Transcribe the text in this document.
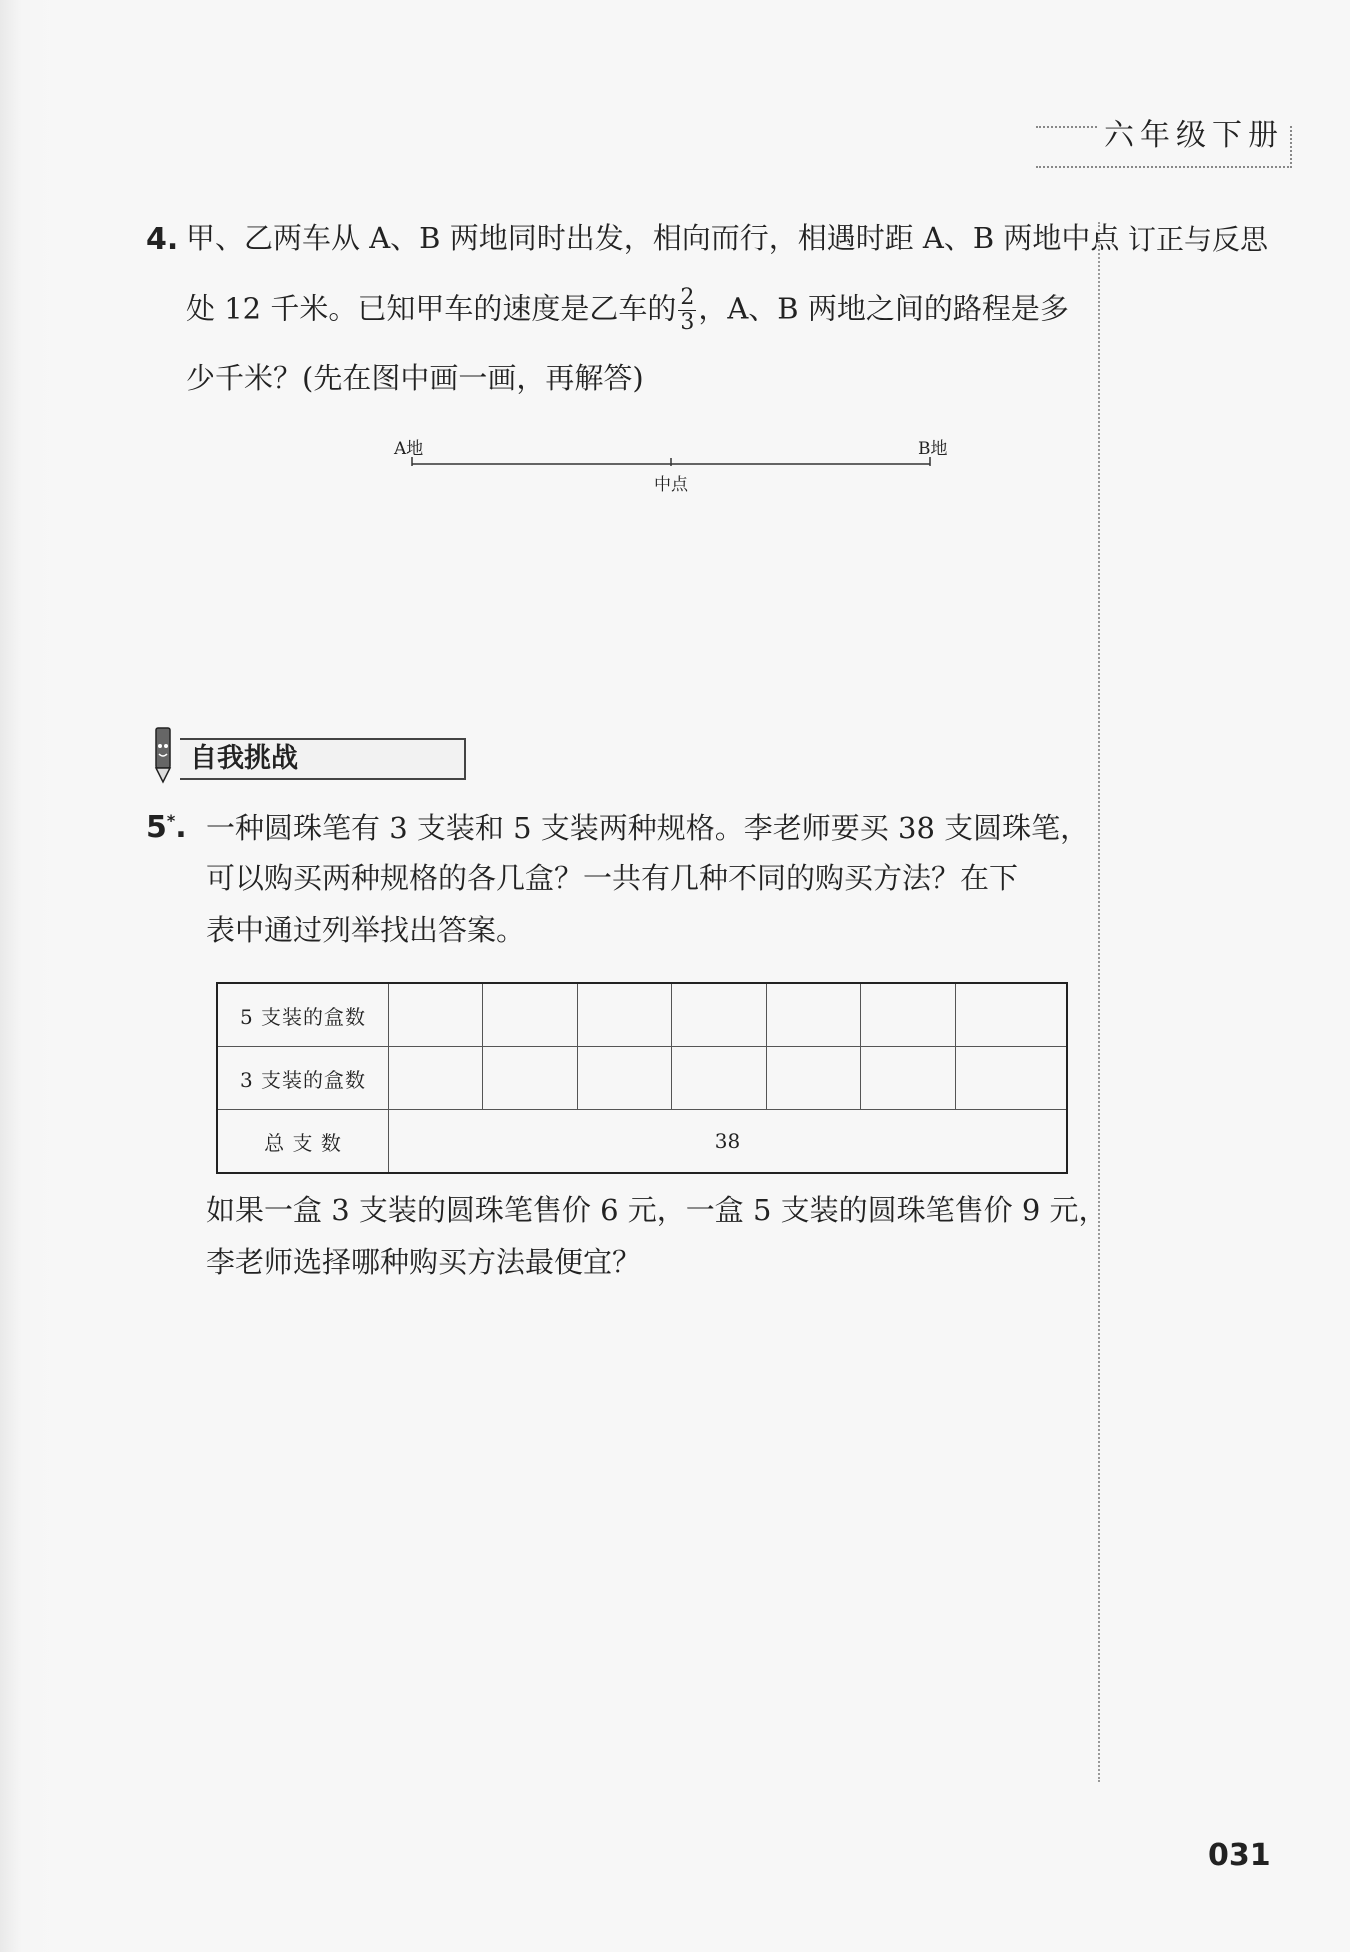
六年级下册
订正与反思
4. 甲、乙两车从 A、B 两地同时出发，相向而行，相遇时距 A、B 两地中点
处 12 千米。已知甲车的速度是乙车的 $\frac{2}{3}$ ，A、B 两地之间的路程是多
少千米？(先在图中画一画，再解答)
A地	B地
中点
自我挑战
5*. 一种圆珠笔有 3 支装和 5 支装两种规格。李老师要买 38 支圆珠笔，
可以购买两种规格的各几盒？一共有几种不同的购买方法？在下
表中通过列举找出答案。
5 支装的盒数							
3 支装的盒数							
总 支 数	38						
如果一盒 3 支装的圆珠笔售价 6 元，一盒 5 支装的圆珠笔售价 9 元，
李老师选择哪种购买方法最便宜？
031
